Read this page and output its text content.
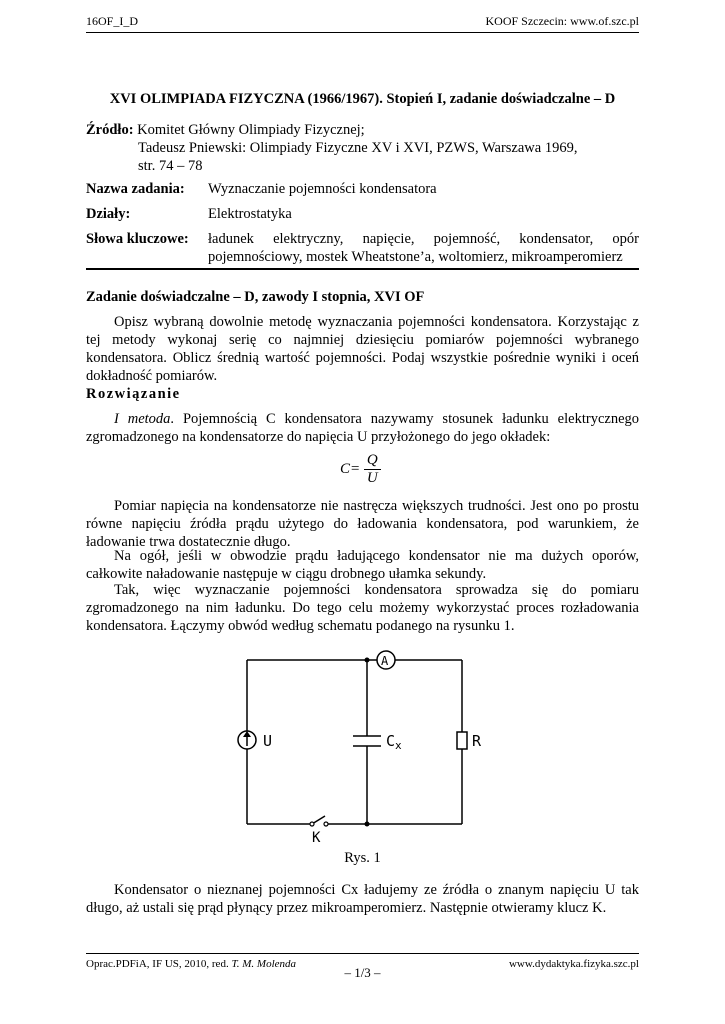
16OF_I_D	KOOF Szczecin: www.of.szc.pl
XVI OLIMPIADA FIZYCZNA (1966/1967). Stopień I, zadanie doświadczalne – D
Źródło: Komitet Główny Olimpiady Fizycznej;
Tadeusz Pniewski: Olimpiady Fizyczne XV i XVI, PZWS, Warszawa 1969,
str. 74 – 78
Nazwa zadania: Wyznaczanie pojemności kondensatora
Działy:	Elektrostatyka
Słowa kluczowe: ładunek elektryczny, napięcie, pojemność, kondensator, opór pojemnościowy, mostek Wheatstone’a, woltomierz, mikroamperomierz
Zadanie doświadczalne – D, zawody I stopnia, XVI OF
Opisz wybraną dowolnie metodę wyznaczania pojemności kondensatora. Korzystając z tej metody wykonaj serię co najmniej dziesięciu pomiarów pojemności wybranego kondensatora. Oblicz średnią wartość pojemności. Podaj wszystkie pośrednie wyniki i oceń dokładność pomiarów.
Rozwiązanie
I metoda. Pojemnością C kondensatora nazywamy stosunek ładunku elektrycznego zgromadzonego na kondensatorze do napięcia U przyłożonego do jego okładek:
$C= \frac{Q}{U}$
Pomiar napięcia na kondensatorze nie nastręcza większych trudności. Jest ono po prostu równe napięciu źródła prądu użytego do ładowania kondensatora, pod warunkiem, że ładowanie trwa dostatecznie długo.
Na ogół, jeśli w obwodzie prądu ładującego kondensator nie ma dużych oporów, całkowite naładowanie następuje w ciągu drobnego ułamka sekundy.
Tak, więc wyznaczanie pojemności kondensatora sprowadza się do pomiaru zgromadzonego na nim ładunku. Do tego celu możemy wykorzystać proces rozładowania kondensatora. Łączymy obwód według schematu podanego na rysunku 1.
U	$C_x$	R
A
K
Rys. 1
Kondensator o nieznanej pojemności Cx ładujemy ze źródła o znanym napięciu U tak długo, aż ustali się prąd płynący przez mikroamperomierz. Następnie otwieramy klucz K.
Oprac.PDFiA, IF US, 2010, red. T. M. Molenda	www.dydaktyka.fizyka.szc.pl
– 1/3 –
